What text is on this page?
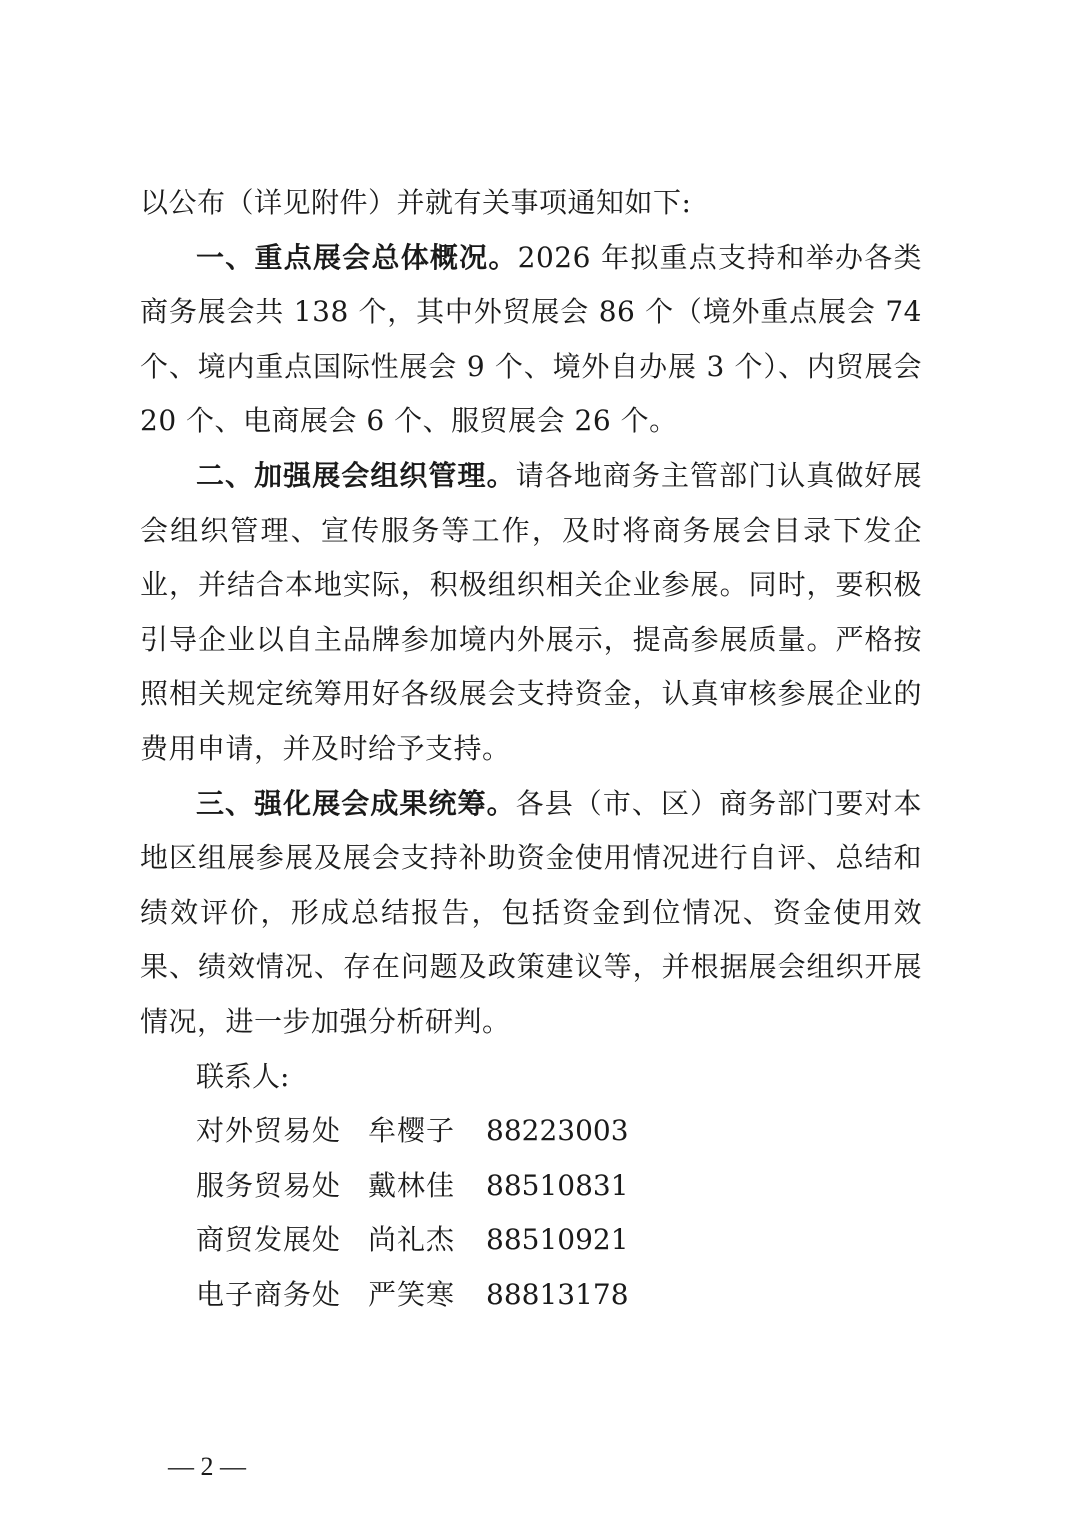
以公布（详见附件）并就有关事项通知如下:

一、重点展会总体概况。2026 年拟重点支持和举办各类商务展会共 138 个，其中外贸展会 86 个（境外重点展会 74 个、境内重点国际性展会 9 个、境外自办展 3 个）、内贸展会 20 个、电商展会 6 个、服贸展会 26 个。

二、加强展会组织管理。请各地商务主管部门认真做好展会组织管理、宣传服务等工作，及时将商务展会目录下发企业，并结合本地实际，积极组织相关企业参展。同时，要积极引导企业以自主品牌参加境内外展示，提高参展质量。严格按照相关规定统筹用好各级展会支持资金，认真审核参展企业的费用申请，并及时给予支持。

三、强化展会成果统筹。各县（市、区）商务部门要对本地区组展参展及展会支持补助资金使用情况进行自评、总结和绩效评价，形成总结报告，包括资金到位情况、资金使用效果、绩效情况、存在问题及政策建议等，并根据展会组织开展情况，进一步加强分析研判。

联系人:

对外贸易处 牟樱子	88223003
服务贸易处 戴林佳	88510831
商贸发展处 尚礼杰	88510921
电子商务处 严笑寒	88813178
— 2 —
